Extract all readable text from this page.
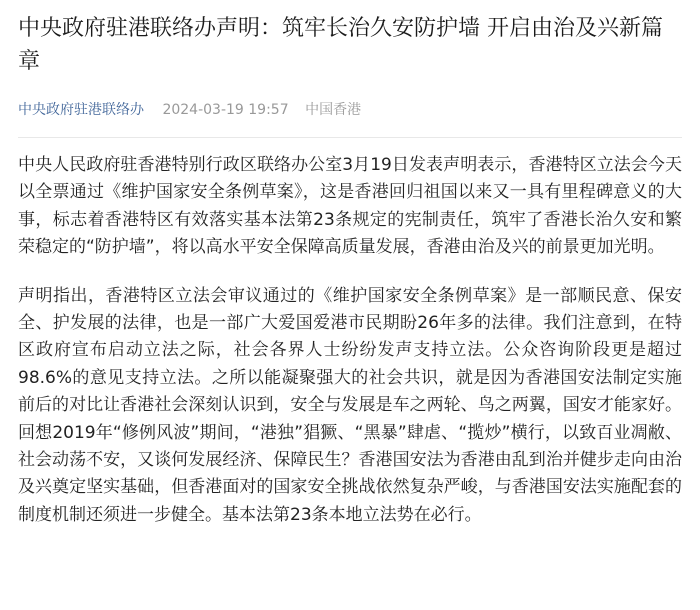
中央政府驻港联络办声明：筑牢长治久安防护墙 开启由治及兴新篇章
中央政府驻港联络办 2024-03-19 19:57 中国香港

中央人民政府驻香港特别行政区联络办公室3月19日发表声明表示，香港特区立法会今天以全票通过《维护国家安全条例草案》，这是香港回归祖国以来又一具有里程碑意义的大事，标志着香港特区有效落实基本法第23条规定的宪制责任，筑牢了香港长治久安和繁荣稳定的“防护墙”，将以高水平安全保障高质量发展，香港由治及兴的前景更加光明。

声明指出，香港特区立法会审议通过的《维护国家安全条例草案》是一部顺民意、保安全、护发展的法律，也是一部广大爱国爱港市民期盼26年多的法律。我们注意到，在特区政府宣布启动立法之际，社会各界人士纷纷发声支持立法。公众咨询阶段更是超过98.6%的意见支持立法。之所以能凝聚强大的社会共识，就是因为香港国安法制定实施前后的对比让香港社会深刻认识到，安全与发展是车之两轮、鸟之两翼，国安才能家好。回想2019年“修例风波”期间，“港独”猖獗、“黑暴”肆虐、“揽炒”横行，以致百业凋敝、社会动荡不安，又谈何发展经济、保障民生？香港国安法为香港由乱到治并健步走向由治及兴奠定坚实基础，但香港面对的国家安全挑战依然复杂严峻，与香港国安法实施配套的制度机制还须进一步健全。基本法第23条本地立法势在必行。
